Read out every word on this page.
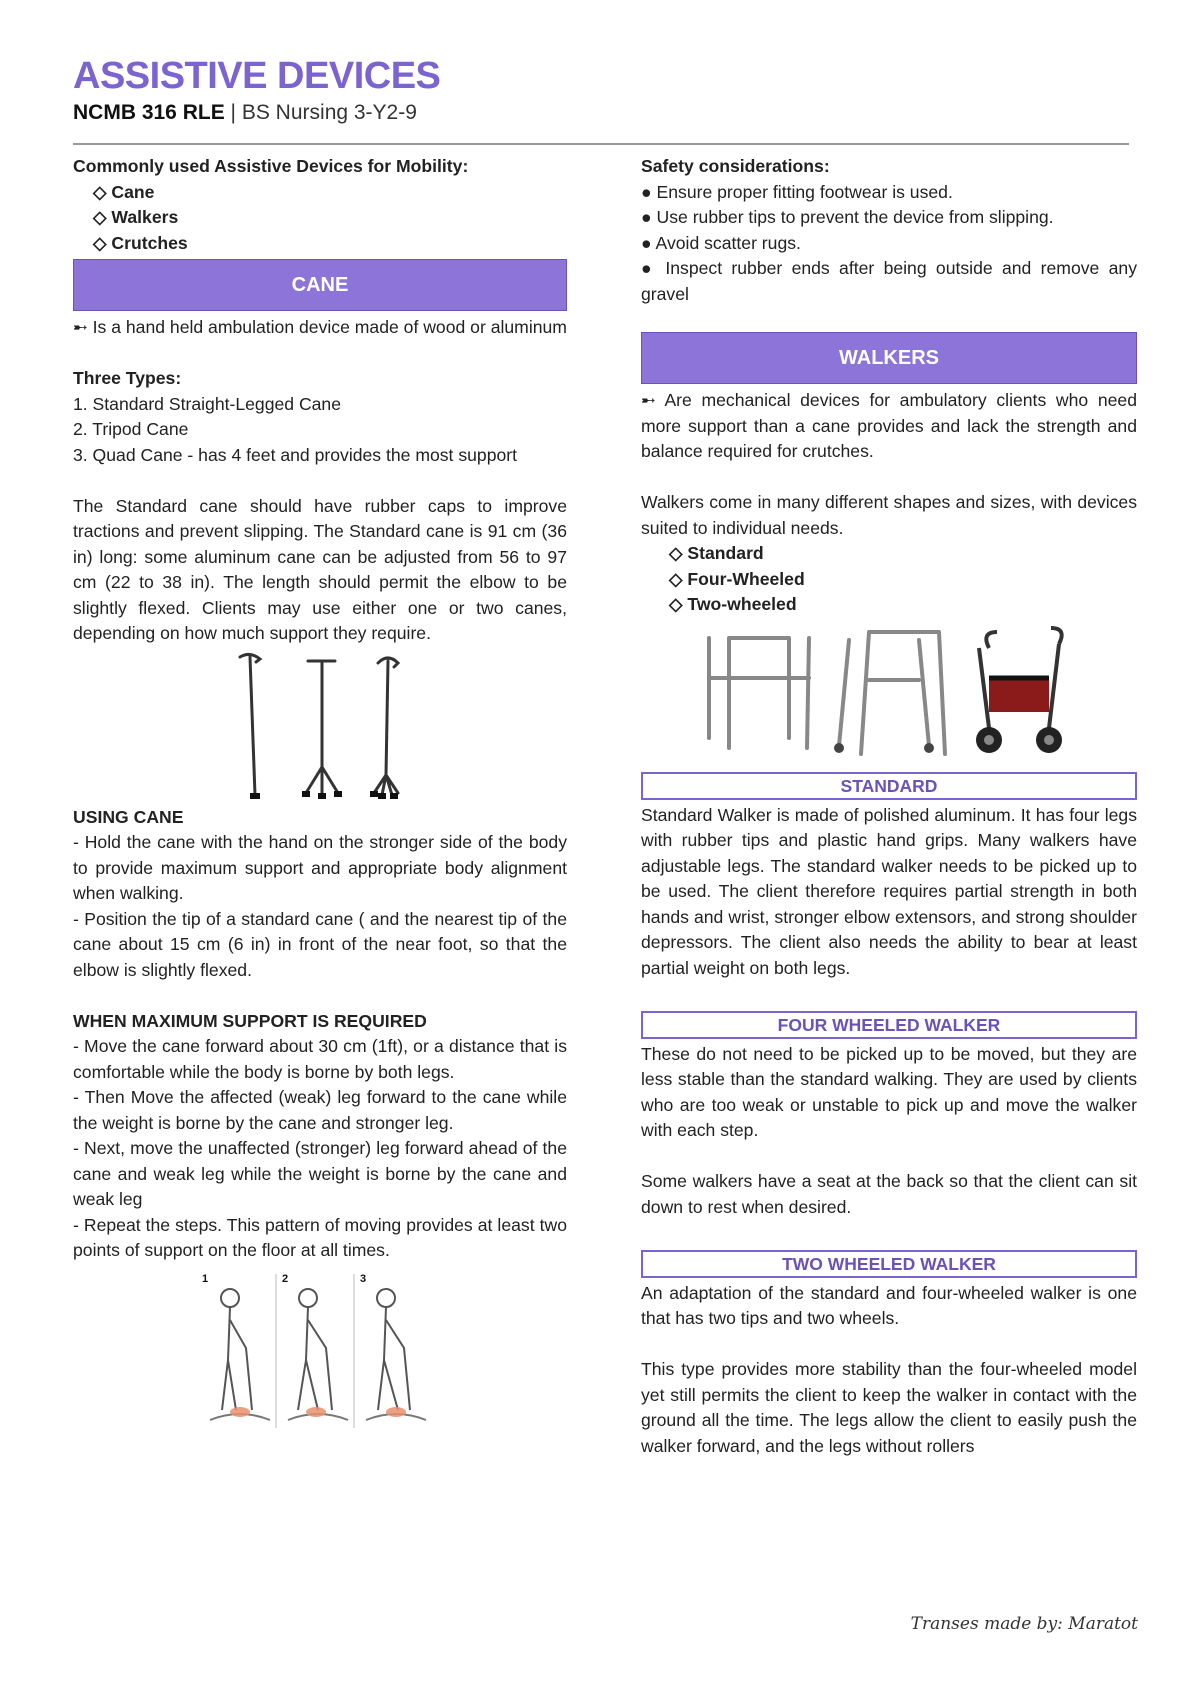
ASSISTIVE DEVICES
NCMB 316 RLE | BS Nursing 3-Y2-9

Commonly used Assistive Devices for Mobility:

◇ Cane

◇ Walkers

◇ Crutches

CANE

➸ Is a hand held ambulation device made of wood or aluminum

Three Types:

1. Standard Straight-Legged Cane

2. Tripod Cane

3. Quad Cane - has 4 feet and provides the most support

The Standard cane should have rubber caps to improve tractions and prevent slipping. The Standard cane is 91 cm (36 in) long: some aluminum cane can be adjusted from 56 to 97 cm (22 to 38 in). The length should permit the elbow to be slightly flexed. Clients may use either one or two canes, depending on how much support they require.

USING CANE

- Hold the cane with the hand on the stronger side of the body to provide maximum support and appropriate body alignment when walking.

- Position the tip of a standard cane ( and the nearest tip of the cane about 15 cm (6 in) in front of the near foot, so that the elbow is slightly flexed.

WHEN MAXIMUM SUPPORT IS REQUIRED

- Move the cane forward about 30 cm (1ft), or a distance that is comfortable while the body is borne by both legs.

- Then Move the affected (weak) leg forward to the cane while the weight is borne by the cane and stronger leg.

- Next, move the unaffected (stronger) leg forward ahead of the cane and weak leg while the weight is borne by the cane and weak leg

- Repeat the steps. This pattern of moving provides at least two points of support on the floor at all times.

1	2	3

Safety considerations:

● Ensure proper fitting footwear is used.

● Use rubber tips to prevent the device from slipping.

● Avoid scatter rugs.

● Inspect rubber ends after being outside and remove any gravel

WALKERS

➸ Are mechanical devices for ambulatory clients who need more support than a cane provides and lack the strength and balance required for crutches.

Walkers come in many different shapes and sizes, with devices suited to individual needs.

◇ Standard

◇ Four-Wheeled

◇ Two-wheeled

STANDARD

Standard Walker is made of polished aluminum. It has four legs with rubber tips and plastic hand grips. Many walkers have adjustable legs. The standard walker needs to be picked up to be used. The client therefore requires partial strength in both hands and wrist, stronger elbow extensors, and strong shoulder depressors. The client also needs the ability to bear at least partial weight on both legs.

FOUR WHEELED WALKER

These do not need to be picked up to be moved, but they are less stable than the standard walking. They are used by clients who are too weak or unstable to pick up and move the walker with each step.

Some walkers have a seat at the back so that the client can sit down to rest when desired.

TWO WHEELED WALKER

An adaptation of the standard and four-wheeled walker is one that has two tips and two wheels.

This type provides more stability than the four-wheeled model yet still permits the client to keep the walker in contact with the ground all the time. The legs allow the client to easily push the walker forward, and the legs without rollers

Transes made by: Maratot
